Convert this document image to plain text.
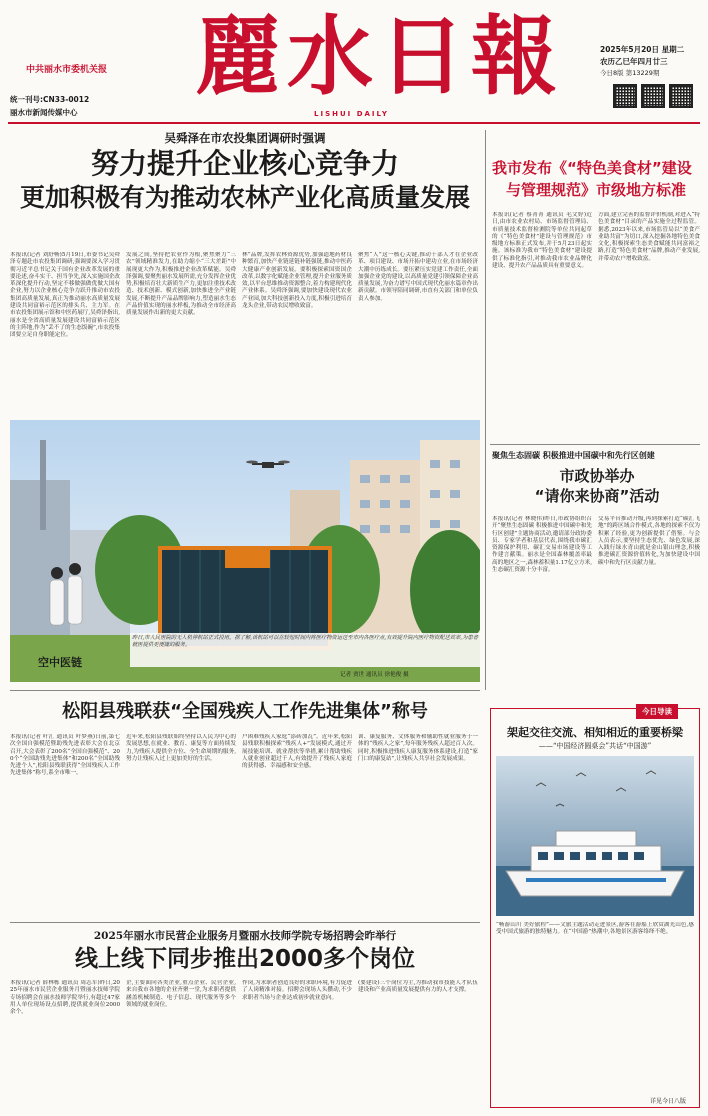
中共丽水市委机关报
统一刊号:CN33-0012
丽水市新闻传媒中心
麗水日報
LISHUI DAILY
2025年5月20日 星期二
农历乙巳年四月廿三
今日8版 第13229期
吴舜泽在市农投集团调研时强调
努力提升企业核心竞争力
更加积极有为推动农林产业化高质量发展
本报讯(记者 刘舒畅)5月19日,市委书记吴舜泽专题赴市农投集团调研,强调要深入学习贯彻习近平总书记关于国有企业改革发展的重要论述,奋斗实干、担当争先,深入实施国企改革深化提升行动,坚定不移做强做优做大国有企业,努力以企业核心竞争力跃升推动市农投集团高质量发展,真正为推动丽水高质量发展建设共同富裕示范区的排头兵、主力军。在市农投集团展示馆和中医药展厅,吴舜泽指出,丽水是全省高质量发展建设共同富裕示范区的主阵地,作为“丢不了的生态饭碗”,市农投集团要立足自身职能定位。
发展之间,坚持把农业作为根,聚焦聚力“三农”领域精准发力,在助力缩小“三大差距”中展现更大作为,积极推进企业改革赋能。吴舜泽强调,要聚焦丽水发展所需,充分发挥企业优势,积极培育壮大新质生产力,更加注重技术改造、技术创新、模式创新,加快推进全产业链发展,不断提升产品品牌影响力,塑造丽水生态产品价值实现的丽水样板,为推动全市经济高质量发展作出新的更大贡献。
林”品牌,发挥农林资源优势,加强道地药材良种繁育,加快产业链延链补链强链,推动中医药大健康产业创新发展。要积极探索国资国企改革,以数字化赋能企业管理,提升企业服务质效,以平台思维推动资源整合,着力构建现代化产业体系。吴舜泽强调,要加快建设现代农业产业园,加大科技创新投入力度,积极引进培育龙头企业,带动农民增收致富。
聚焦“人”这一核心关键,推动干部人才在企业改革、项目建设、市场开拓中建功立业,在市场经济大潮中历练成长。要压紧压实党建工作责任,全面加强企业党的建设,以高质量党建引领保障企业高质量发展,为奋力谱写中国式现代化丽水篇章作出新贡献。市领导陪同调研,市直有关部门和单位负责人参加。
空中医链
昨日,市人民医院的无人机停机站正式投用。据了解,该机站可以在较短时间内将医疗物资运送至市内各医疗点,有效提升院内医疗物资配送效率,为患者就医提供更便捷的服务。
记者 贾世 通讯员 徐艳俊 摄
我市发布《“特色美食材”建设
与管理规范》市级地方标准
本报讯(记者 蔡菁菁 通讯员 毛文婷)近日,由市农业农村局、市场监督管理局、市质量技术监督检测院等单位共同起草的《“特色美食材”建设与管理规范》市级地方标准正式发布,并于5月23日起实施。该标准为我市“特色美食材”建设提供了标准化指引,对推动我市农业品牌化建设、提升农产品品质具有重要意义。
方面,建立完善的监督评价机制,对进入“特色美食材”目录的产品实施全过程监管。据悉,2023年以来,市场监管局以“美食产业助共富”为切口,深入挖掘各地特色美食文化,积极探索生态美食赋能共同富裕之路,打造“特色美食材”品牌,推动产业发展,并带动农户增收致富。
聚焦生态固碳 积极推进中国碳中和先行区创建
市政协举办
“请你来协商”活动
本报讯(记者 林晓伟)昨日,市政协组织召开“聚焦生态固碳 积极推进中国碳中和先行区创建”主题协商活动,邀请部分政协委员、专家学者和基层代表,围绕我市碳汇资源保护利用、碳汇交易市场建设等工作建言献策。丽水是全国森林覆盖率最高的地区之一,森林蓄积量1.17亿立方米,生态碳汇资源十分丰富。
交易平台推动升级,再到探索打造“碳汇飞地”的跨区域合作模式,各地的探索不仅为积累了经验,更为创新提供了借鉴。与会人员表示,要坚持生态优先、绿色发展,深入践行绿水青山就是金山银山理念,积极推进碳汇资源价值转化,为加快建设中国碳中和先行区贡献力量。
今日导读
架起交往交流、相知相近的重要桥梁
——“中国经济圆桌会”共话“中国游”
“畅游山川 美好旅程”——文旅主题活动走进景区,游客在游船上欣赏湖光山色,感受中国式旅游的独特魅力。在“中国游”热潮中,各地景区游客络绎不绝。
详见今日八版
松阳县残联获“全国残疾人工作先进集体”称号
本报讯(记者 叶汇 通讯员 叶梦燕)日前,第七次全国自强模范暨助残先进表彰大会在北京召开,大会表彰了200名“全国自强模范”、200个“全国助残先进集体”和200名“全国助残先进个人”,松阳县残联获得“全国残疾人工作先进集体”称号,系全市唯一。
近年来,松阳县残联始终坚持以人民为中心的发展思想,在就业、教育、康复等方面持续发力,为残疾人提供全方位、全生命周期的服务,努力让残疾人过上更加美好的生活。
户困难残疾人家庭“添砖加瓦”。近年来,松阳县残联积极探索“残疾人+”发展模式,通过开展技能培训、就业帮扶等举措,累计帮助残疾人就业创业超过千人,有效提升了残疾人家庭的获得感、幸福感和安全感。
训、康复服务、文体服务和辅助性就业服务于一体的“残疾人之家”,每年服务残疾人超过百人次。同时,积极推进残疾人康复服务体系建设,打造“家门口的康复站”,让残疾人共享社会发展成果。
2025年丽水市民营企业服务月暨丽水技师学院专场招聘会昨举行
线上线下同步推出2000多个岗位
本报讯(记者 薛林栋 通讯员 周志军)昨日,2025年丽水市民营企业服务月暨丽水技师学院专场招聘会在丽水技师学院举行,有超过47家用人单位现场设点招聘,提供就业岗位2000余个。
企,主要面向各类企业,重点企业、民营企业,来自我市各地的企业齐聚一堂,为求职者提供涵盖机械制造、电子信息、现代服务等多个领域的就业岗位。
作岗,为求职者创造良好的求职环境,有力促进了人岗精准对接。招聘会现场人头攒动,不少求职者当场与企业达成初步就业意向。
(要建设)三个岗位为主,为推动我市技能人才队伍建设和产业高质量发展提供有力的人才支撑。
